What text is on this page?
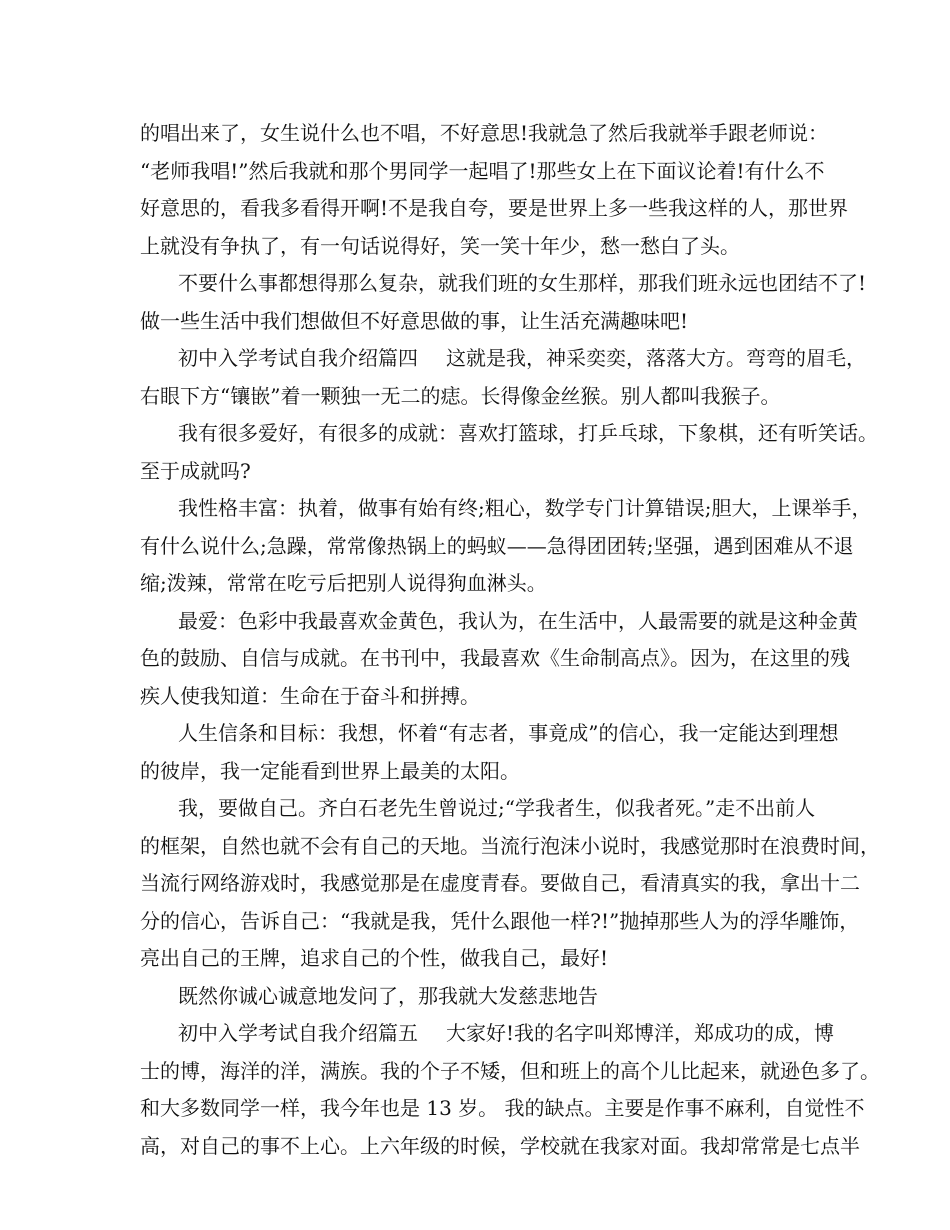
的唱出来了，女生说什么也不唱，不好意思!我就急了然后我就举手跟老师说：
“老师我唱!”然后我就和那个男同学一起唱了!那些女上在下面议论着!有什么不
好意思的，看我多看得开啊!不是我自夸，要是世界上多一些我这样的人，那世界
上就没有争执了，有一句话说得好，笑一笑十年少，愁一愁白了头。
不要什么事都想得那么复杂，就我们班的女生那样，那我们班永远也团结不了!
做一些生活中我们想做但不好意思做的事，让生活充满趣味吧!
初中入学考试自我介绍篇四 这就是我，神采奕奕，落落大方。弯弯的眉毛，
右眼下方“镶嵌”着一颗独一无二的痣。长得像金丝猴。别人都叫我猴子。
我有很多爱好，有很多的成就：喜欢打篮球，打乒乓球，下象棋，还有听笑话。
至于成就吗?
我性格丰富：执着，做事有始有终;粗心，数学专门计算错误;胆大，上课举手，
有什么说什么;急躁，常常像热锅上的蚂蚁——急得团团转;坚强，遇到困难从不退
缩;泼辣，常常在吃亏后把别人说得狗血淋头。
最爱：色彩中我最喜欢金黄色，我认为，在生活中，人最需要的就是这种金黄
色的鼓励、自信与成就。在书刊中，我最喜欢《生命制高点》。因为，在这里的残
疾人使我知道：生命在于奋斗和拼搏。
人生信条和目标：我想，怀着“有志者，事竟成”的信心，我一定能达到理想
的彼岸，我一定能看到世界上最美的太阳。
我，要做自己。齐白石老先生曾说过;“学我者生，似我者死。”走不出前人
的框架，自然也就不会有自己的天地。当流行泡沫小说时，我感觉那时在浪费时间，
当流行网络游戏时，我感觉那是在虚度青春。要做自己，看清真实的我，拿出十二
分的信心，告诉自己：“我就是我，凭什么跟他一样?!”抛掉那些人为的浮华雕饰，
亮出自己的王牌，追求自己的个性，做我自己，最好!
既然你诚心诚意地发问了，那我就大发慈悲地告
初中入学考试自我介绍篇五 大家好!我的名字叫郑博洋，郑成功的成，博
士的博，海洋的洋，满族。我的个子不矮，但和班上的高个儿比起来，就逊色多了。
和大多数同学一样，我今年也是 13 岁。 我的缺点。主要是作事不麻利，自觉性不
高，对自己的事不上心。上六年级的时候，学校就在我家对面。我却常常是七点半
